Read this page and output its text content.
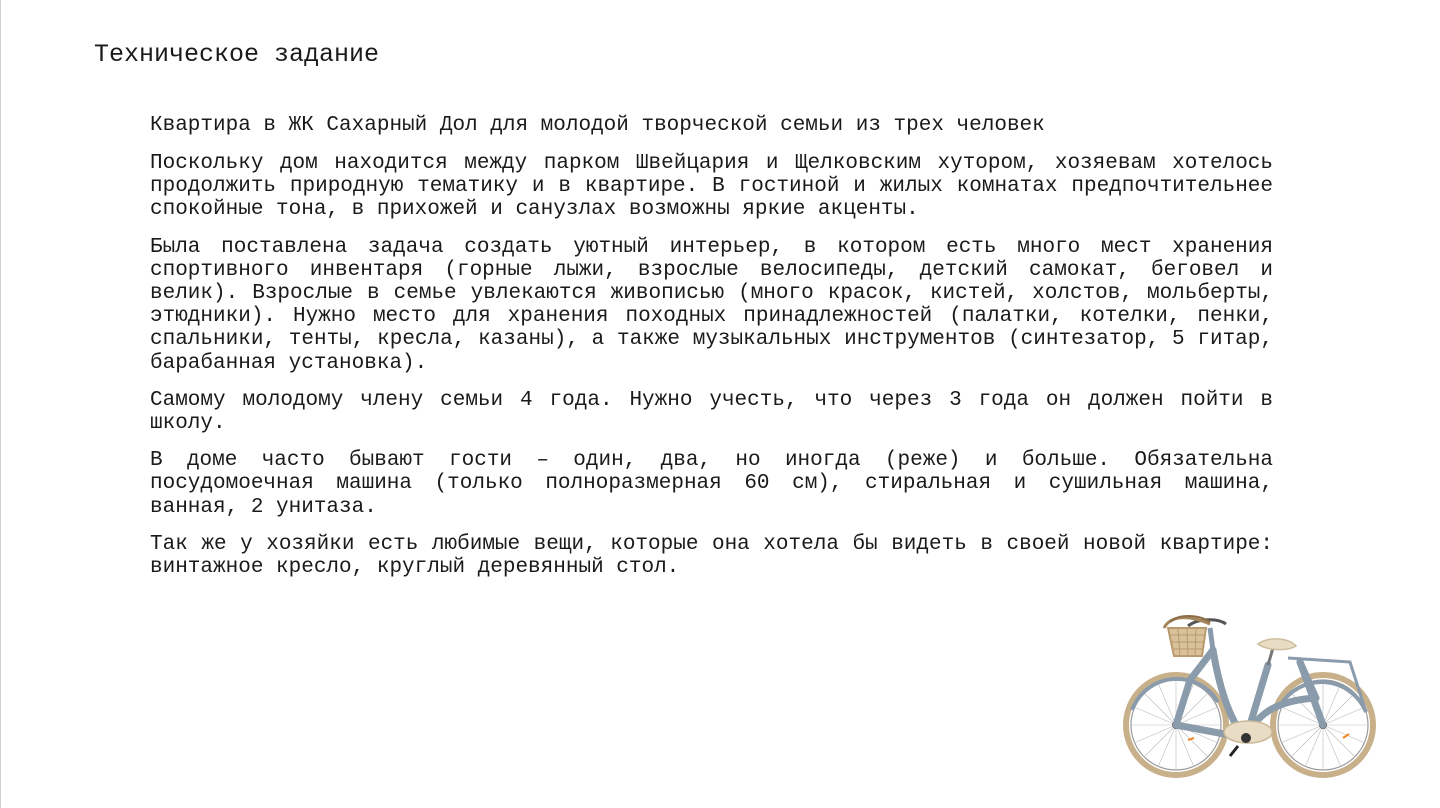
Техническое задание

Квартира в ЖК Сахарный Дол для молодой творческой семьи из трех человек

Поскольку дом находится между парком Швейцария и Щелковским хутором, хозяевам хотелось продолжить природную тематику и в квартире. В гостиной и жилых комнатах предпочтительнее спокойные тона, в прихожей и санузлах возможны яркие акценты.

Была поставлена задача создать уютный интерьер, в котором есть много мест хранения спортивного инвентаря (горные лыжи, взрослые велосипеды, детский самокат, беговел и велик). Взрослые в семье увлекаются живописью (много красок, кистей, холстов, мольберты, этюдники). Нужно место для хранения походных принадлежностей (палатки, котелки, пенки, спальники, тенты, кресла, казаны), а также музыкальных инструментов (синтезатор, 5 гитар, барабанная установка).

Самому молодому члену семьи 4 года. Нужно учесть, что через 3 года он должен пойти в школу.

В доме часто бывают гости – один, два, но иногда (реже) и больше. Обязательна посудомоечная машина (только полноразмерная 60 см), стиральная и сушильная машина, ванная, 2 унитаза.

Так же у хозяйки есть любимые вещи, которые она хотела бы видеть в своей новой квартире: винтажное кресло, круглый деревянный стол.
